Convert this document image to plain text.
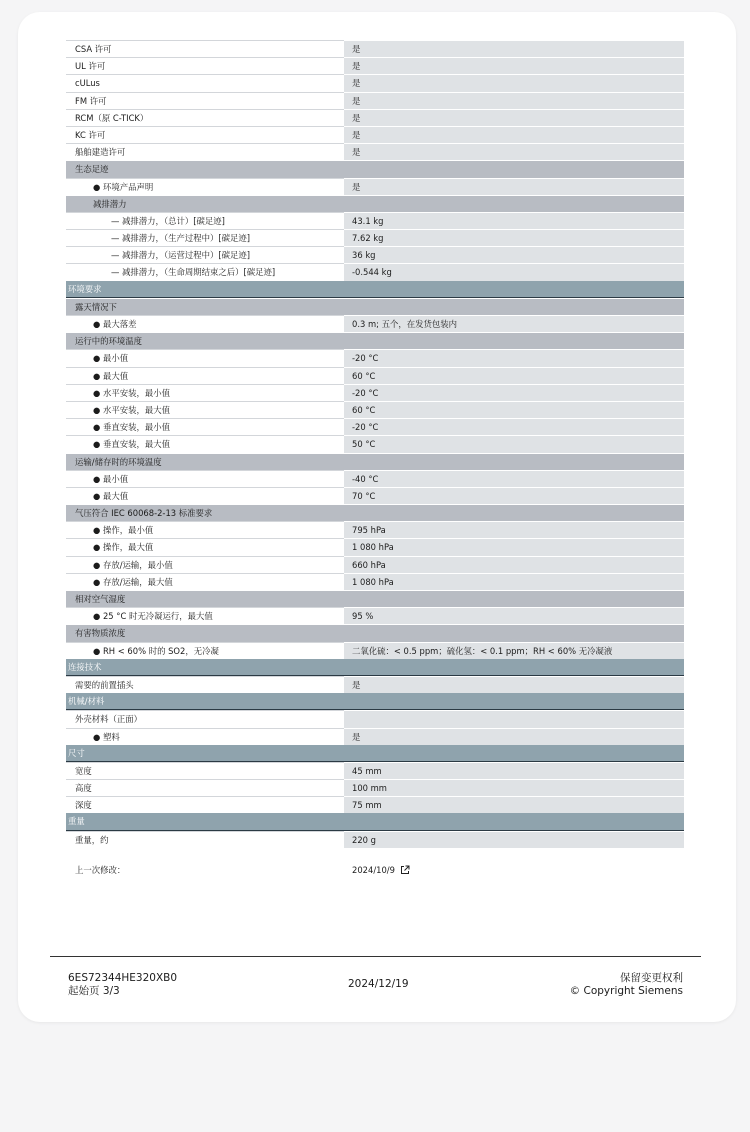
CSA 许可	是
UL 许可	是
cULus	是
FM 许可	是
RCM（原 C-TICK）	是
KC 许可	是
船舶建造许可	是
生态足迹
● 环境产品声明	是
减排潜力
— 减排潜力，（总计）[碳足迹]	43.1 kg
— 减排潜力，（生产过程中）[碳足迹]	7.62 kg
— 减排潜力，（运营过程中）[碳足迹]	36 kg
— 减排潜力，（生命周期结束之后）[碳足迹]	-0.544 kg
环境要求
露天情况下
● 最大落差	0.3 m; 五个，在发货包装内
运行中的环境温度
● 最小值	-20 °C
● 最大值	60 °C
● 水平安装，最小值	-20 °C
● 水平安装，最大值	60 °C
● 垂直安装，最小值	-20 °C
● 垂直安装，最大值	50 °C
运输/储存时的环境温度
● 最小值	-40 °C
● 最大值	70 °C
气压符合 IEC 60068-2-13 标准要求
● 操作，最小值	795 hPa
● 操作，最大值	1 080 hPa
● 存放/运输，最小值	660 hPa
● 存放/运输，最大值	1 080 hPa
相对空气湿度
● 25 °C 时无冷凝运行，最大值	95 %
有害物质浓度
● RH < 60% 时的 SO2，无冷凝	二氧化硫：< 0.5 ppm；硫化氢：< 0.1 ppm；RH < 60% 无冷凝液
连接技术
需要的前置插头	是
机械/材料
外壳材料（正面）
● 塑料	是
尺寸
宽度	45 mm
高度	100 mm
深度	75 mm
重量
重量，约	220 g
上一次修改：	2024/10/9
6ES72344HE320XB0
起始页 3/3
2024/12/19	保留变更权利
© Copyright Siemens
